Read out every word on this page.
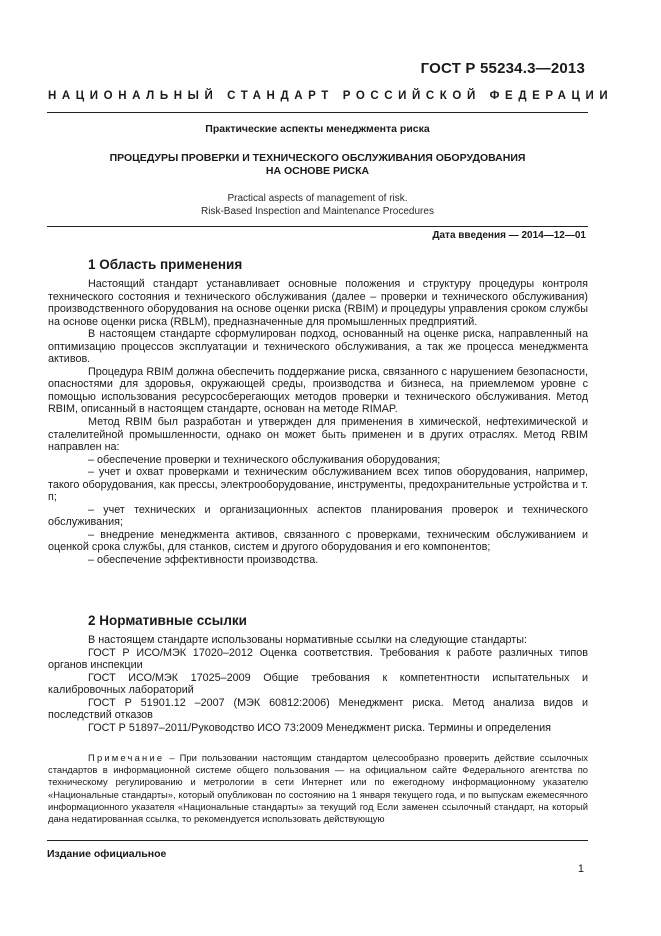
ГОСТ Р 55234.3—2013
НАЦИОНАЛЬНЫЙ СТАНДАРТ РОССИЙСКОЙ ФЕДЕРАЦИИ
Практические аспекты менеджмента риска
ПРОЦЕДУРЫ ПРОВЕРКИ И ТЕХНИЧЕСКОГО ОБСЛУЖИВАНИЯ ОБОРУДОВАНИЯ
НА ОСНОВЕ РИСКА
Practical aspects of management of risk.
Risk-Based Inspection and Maintenance Procedures
Дата введения — 2014—12—01
1 Область применения

Настоящий стандарт устанавливает основные положения и структуру процедуры контроля технического состояния и технического обслуживания (далее – проверки и технического обслуживания) производственного оборудования на основе оценки риска (RBIM) и процедуры управления сроком службы на основе оценки риска (RBLM), предназначенные для промышленных предприятий.

В настоящем стандарте сформулирован подход, основанный на оценке риска, направленный на оптимизацию процессов эксплуатации и технического обслуживания, а так же процесса менеджмента активов.

Процедура RBIM должна обеспечить поддержание риска, связанного с нарушением безопасности, опасностями для здоровья, окружающей среды, производства и бизнеса, на приемлемом уровне с помощью использования ресурсосберегающих методов проверки и технического обслуживания. Метод RBIM, описанный в настоящем стандарте, основан на методе RIMAP.

Метод RBIM был разработан и утвержден для применения в химической, нефтехимической и сталелитейной промышленности, однако он может быть применен и в других отраслях. Метод RBIM направлен на:

– обеспечение проверки и технического обслуживания оборудования;

– учет и охват проверками и техническим обслуживанием всех типов оборудования, например, такого оборудования, как прессы, электрооборудование, инструменты, предохранительные устройства и т. п;

– учет технических и организационных аспектов планирования проверок и технического обслуживания;

– внедрение менеджмента активов, связанного с проверками, техническим обслуживанием и оценкой срока службы, для станков, систем и другого оборудования и его компонентов;

– обеспечение эффективности производства.

2 Нормативные ссылки

В настоящем стандарте использованы нормативные ссылки на следующие стандарты:

ГОСТ Р ИСО/МЭК 17020–2012 Оценка соответствия. Требования к работе различных типов органов инспекции

ГОСТ ИСО/МЭК 17025–2009 Общие требования к компетентности испытательных и калибровочных лабораторий

ГОСТ Р 51901.12 –2007 (МЭК 60812:2006) Менеджмент риска. Метод анализа видов и последствий отказов

ГОСТ Р 51897–2011/Руководство ИСО 73:2009 Менеджмент риска. Термины и определения

Примечание – При пользовании настоящим стандартом целесообразно проверить действие ссылочных стандартов в информационной системе общего пользования — на официальном сайте Федерального агентства по техническому регулированию и метрологии в сети Интернет или по ежегодному информационному указателю «Национальные стандарты», который опубликован по состоянию на 1 января текущего года, и по выпускам ежемесячного информационного указателя «Национальные стандарты» за текущий год Если заменен ссылочный стандарт, на который дана недатированная ссылка, то рекомендуется использовать действующую
Издание официальное
1
